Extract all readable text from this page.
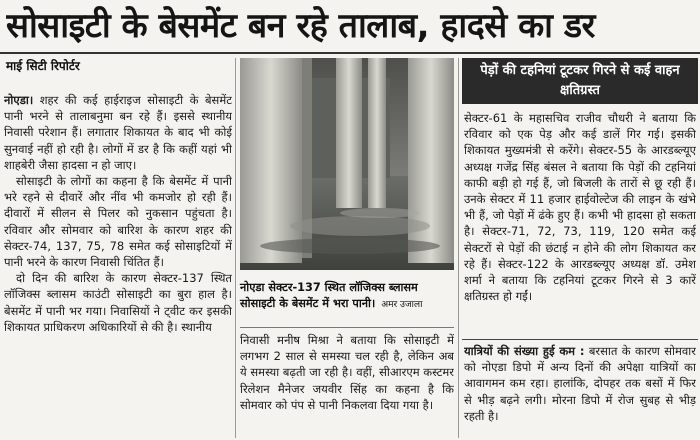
सोसाइटी के बेसमेंट बन रहे तालाब, हादसे का डर
माई सिटी रिपोर्टर

नोएडा। शहर की कई हाईराइज सोसाइटी के बेसमेंट पानी भरने से तालाबनुमा बन रहे हैं। इससे स्थानीय निवासी परेशान हैं। लगातार शिकायत के बाद भी कोई सुनवाई नहीं हो रही है। लोगों में डर है कि कहीं यहां भी शाहबेरी जैसा हादसा न हो जाए।

सोसाइटी के लोगों का कहना है कि बेसमेंट में पानी भरे रहने से दीवारें और नींव भी कमजोर हो रही हैं। दीवारों में सीलन से पिलर को नुकसान पहुंचता है। रविवार और सोमवार को बारिश के कारण शहर की सेक्टर-74, 137, 75, 78 समेत कई सोसाइटियों में पानी भरने के कारण निवासी चिंतित हैं।

दो दिन की बारिश के कारण सेक्टर-137 स्थित लॉजिक्स ब्लासम काउंटी सोसाइटी का बुरा हाल है। बेसमेंट में पानी भर गया। निवासियों ने ट्वीट कर इसकी शिकायत प्राधिकरण अधिकारियों से की है। स्थानीय

नोएडा सेक्टर-137 स्थित लॉजिक्स ब्लासम सोसाइटी के बेसमेंट में भरा पानी। अमर उजाला

निवासी मनीष मिश्रा ने बताया कि सोसाइटी में लगभग 2 साल से समस्या चल रही है, लेकिन अब ये समस्या बढ़ती जा रही है। वहीं, सीआरएम कस्टमर रिलेशन मैनेजर जयवीर सिंह का कहना है कि सोमवार को पंप से पानी निकलवा दिया गया है।

पेड़ों की टहनियां टूटकर गिरने से कई वाहन क्षतिग्रस्त

सेक्टर-61 के महासचिव राजीव चौधरी ने बताया कि रविवार को एक पेड़ और कई डालें गिर गई। इसकी शिकायत मुख्यमंत्री से करेंगे। सेक्टर-55 के आरडब्ल्यूए अध्यक्ष गजेंद्र सिंह बंसल ने बताया कि पेड़ों की टहनियां काफी बड़ी हो गई हैं, जो बिजली के तारों से छू रही हैं। उनके सेक्टर में 11 हजार हाईवोल्टेज की लाइन के खंभे भी हैं, जो पेड़ों में ढंके हुए हैं। कभी भी हादसा हो सकता है। सेक्टर-71, 72, 73, 119, 120 समेत कई सेक्टरों से पेड़ों की छंटाई न होने की लोग शिकायत कर रहे हैं। सेक्टर-122 के आरडब्ल्यूए अध्यक्ष डॉ. उमेश शर्मा ने बताया कि टहनियां टूटकर गिरने से 3 कारें क्षतिग्रस्त हो गईं।

यात्रियों की संख्या हुई कम : बरसात के कारण सोमवार को नोएडा डिपो में अन्य दिनों की अपेक्षा यात्रियों का आवागमन कम रहा। हालांकि, दोपहर तक बसों में फिर से भीड़ बढ़ने लगी। मोरना डिपो में रोज सुबह से भीड़ रहती है।
